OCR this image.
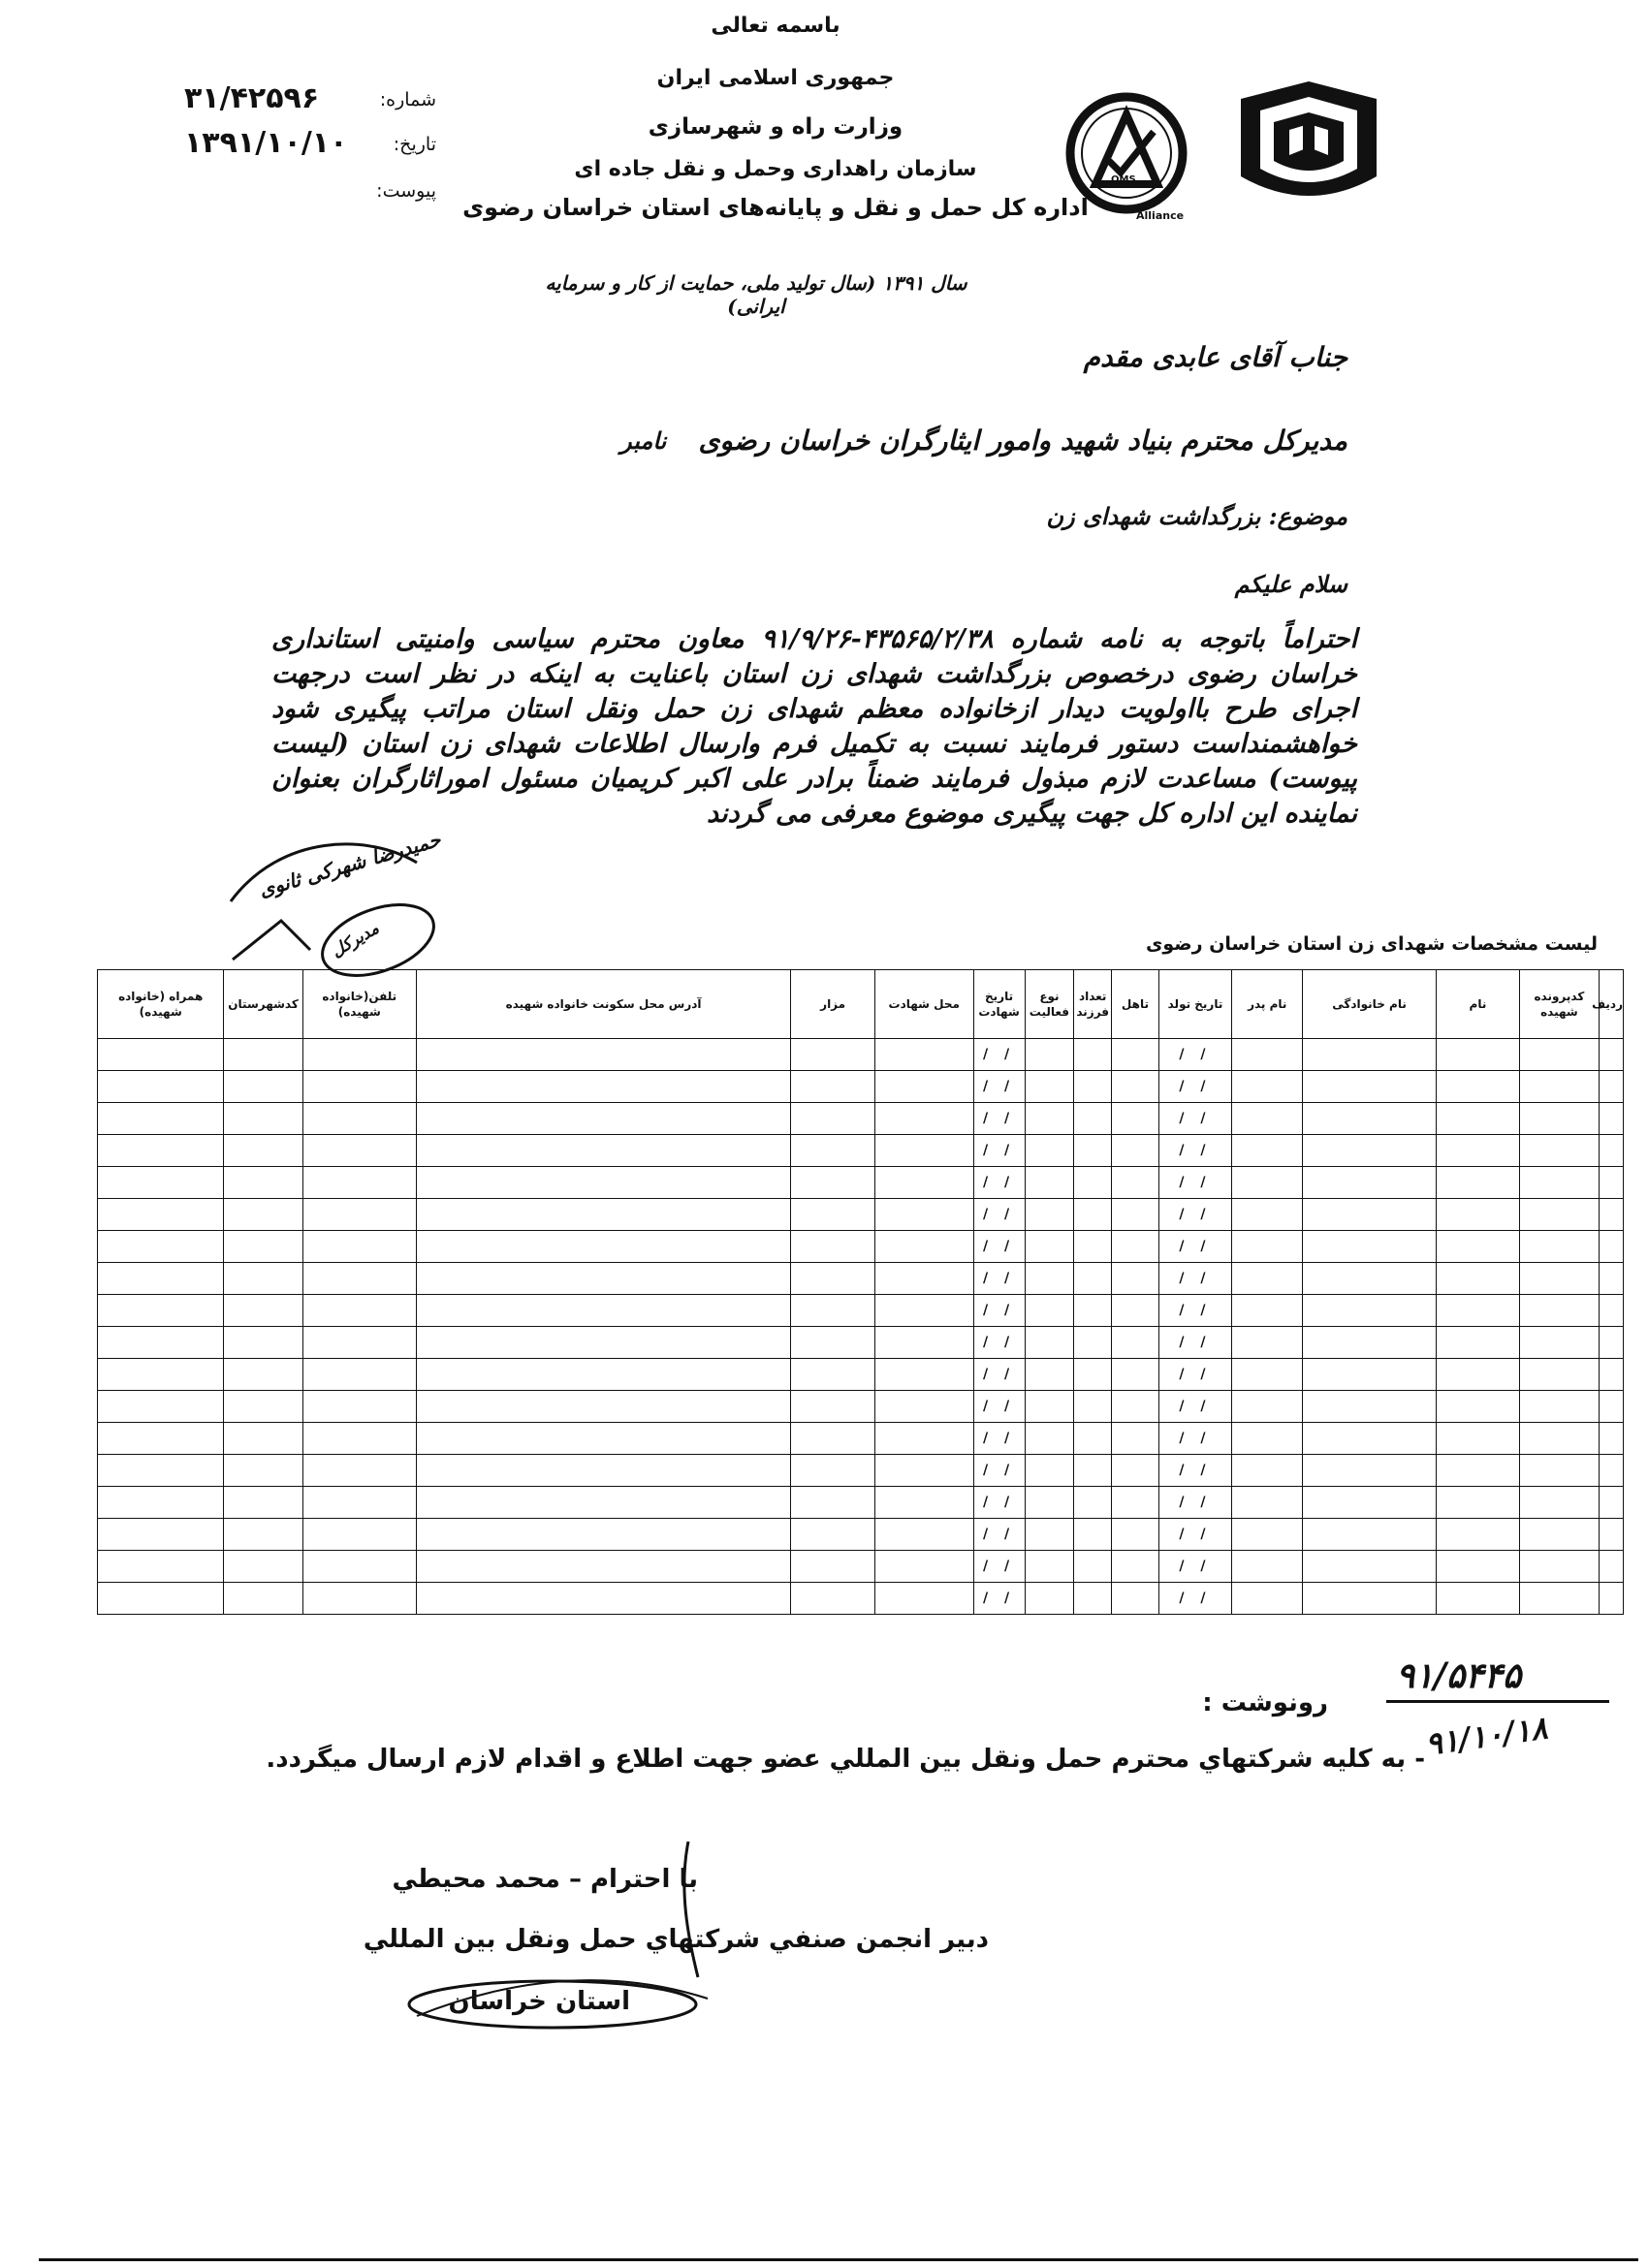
باسمه تعالی
جمهوری اسلامی ایران
وزارت راه و شهرسازی
سازمان راهداری وحمل و نقل جاده ای
اداره کل حمل و نقل و پایانه‌های استان خراسان رضوی
QMS
Alliance
شماره:
۳۱/۴۲۵۹۶
تاریخ:
۱۳۹۱/۱۰/۱۰
پیوست:
سال ۱۳۹۱ (سال تولید ملی، حمایت از کار و سرمایه ایرانی)
جناب آقای عابدی مقدم
مدیرکل محترم بنیاد شهید وامور ایثارگران خراسان رضوی
نامبر
موضوع: بزرگداشت شهدای زن
سلام علیکم
احتراماً باتوجه به نامه شماره ۴۳۵۶۵/۲/۳۸-۹۱/۹/۲۶ معاون محترم سیاسی وامنیتی استانداری خراسان رضوی درخصوص بزرگداشت شهدای زن استان باعنایت به اینکه در نظر است درجهت اجرای طرح بااولویت دیدار ازخانواده معظم شهدای زن حمل ونقل استان مراتب پیگیری شود خواهشمنداست دستور فرمایند نسبت به تکمیل فرم وارسال اطلاعات شهدای زن استان (لیست پیوست) مساعدت لازم مبذول فرمایند ضمناً برادر علی اکبر کریمیان مسئول اموراثارگران بعنوان نماینده این اداره کل جهت پیگیری موضوع معرفی می گردند
حمیدرضا شهرکی ثانوی
مدیرکل	لیست مشخصات شهدای زن استان خراسان رضوی
ردیف	کدپرونده شهیده	نام	نام خانوادگی	نام پدر	تاریخ تولد	تاهل	تعداد فرزند	نوع فعالیت	تاریخ شهادت	محل شهادت	مزار	آدرس محل سکونت خانواده شهیده	تلفن(خانواده شهیده)	کدشهرستان	همراه (خانواده شهیده)
					/ /				/ /						
					/ /				/ /						
					/ /				/ /						
					/ /				/ /						
					/ /				/ /						
					/ /				/ /						
					/ /				/ /						
					/ /				/ /						
					/ /				/ /						
					/ /				/ /						
					/ /				/ /						
					/ /				/ /						
					/ /				/ /						
					/ /				/ /						
					/ /				/ /						
					/ /				/ /						
					/ /				/ /						
					/ /				/ /						
۹۱/۵۴۴۵
۹۱/۱۰/۱۸
رونوشت :
- به کلیه شرکتهاي محترم حمل ونقل بین المللي عضو جهت اطلاع و اقدام لازم ارسال میگردد.
با احترام – محمد محیطي
دبیر انجمن صنفي شرکتهاي حمل ونقل بین المللي
استان خراسان
